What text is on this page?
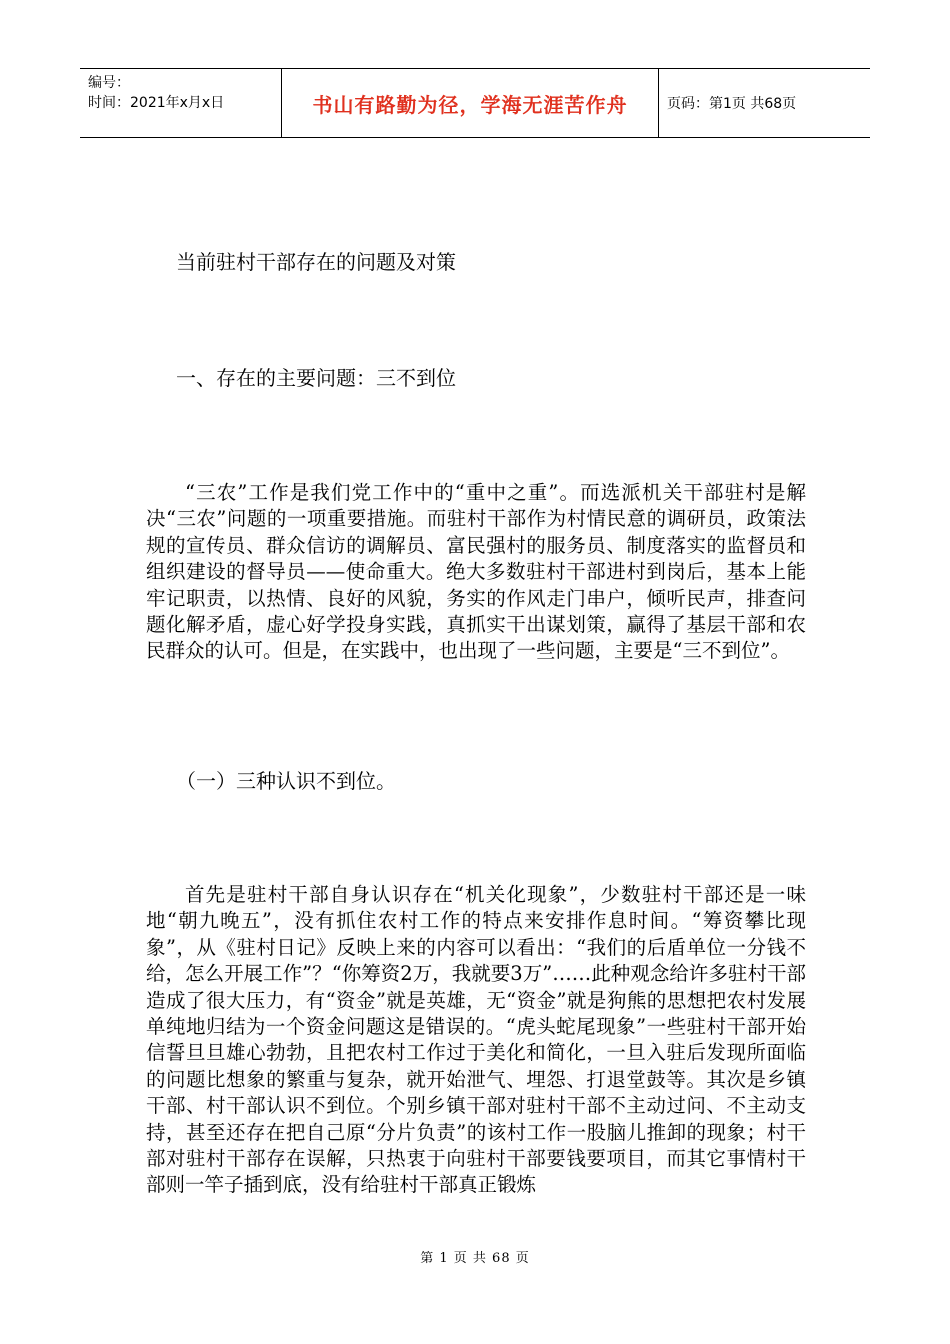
编号：
时间：2021年x月x日	书山有路勤为径，学海无涯苦作舟	页码：第1页 共68页
当前驻村干部存在的问题及对策
一、存在的主要问题：三不到位

“三农”工作是我们党工作中的“重中之重”。而选派机关干部驻村是解决“三农”问题的一项重要措施。而驻村干部作为村情民意的调研员，政策法规的宣传员、群众信访的调解员、富民强村的服务员、制度落实的监督员和组织建设的督导员——使命重大。绝大多数驻村干部进村到岗后，基本上能牢记职责，以热情、良好的风貌，务实的作风走门串户，倾听民声，排查问题化解矛盾，虚心好学投身实践，真抓实干出谋划策，赢得了基层干部和农民群众的认可。但是，在实践中，也出现了一些问题，主要是“三不到位”。

（一）三种认识不到位。

首先是驻村干部自身认识存在“机关化现象”，少数驻村干部还是一味地“朝九晚五”，没有抓住农村工作的特点来安排作息时间。“筹资攀比现象”，从《驻村日记》反映上来的内容可以看出：“我们的后盾单位一分钱不给，怎么开展工作”？“你筹资2万，我就要3万”……此种观念给许多驻村干部造成了很大压力，有“资金”就是英雄，无“资金”就是狗熊的思想把农村发展单纯地归结为一个资金问题这是错误的。“虎头蛇尾现象”一些驻村干部开始信誓旦旦雄心勃勃，且把农村工作过于美化和简化，一旦入驻后发现所面临的问题比想象的繁重与复杂，就开始泄气、埋怨、打退堂鼓等。其次是乡镇干部、村干部认识不到位。个别乡镇干部对驻村干部不主动过问、不主动支持，甚至还存在把自己原“分片负责”的该村工作一股脑儿推卸的现象；村干部对驻村干部存在误解，只热衷于向驻村干部要钱要项目，而其它事情村干部则一竿子插到底，没有给驻村干部真正锻炼

第 1 页 共 68 页
